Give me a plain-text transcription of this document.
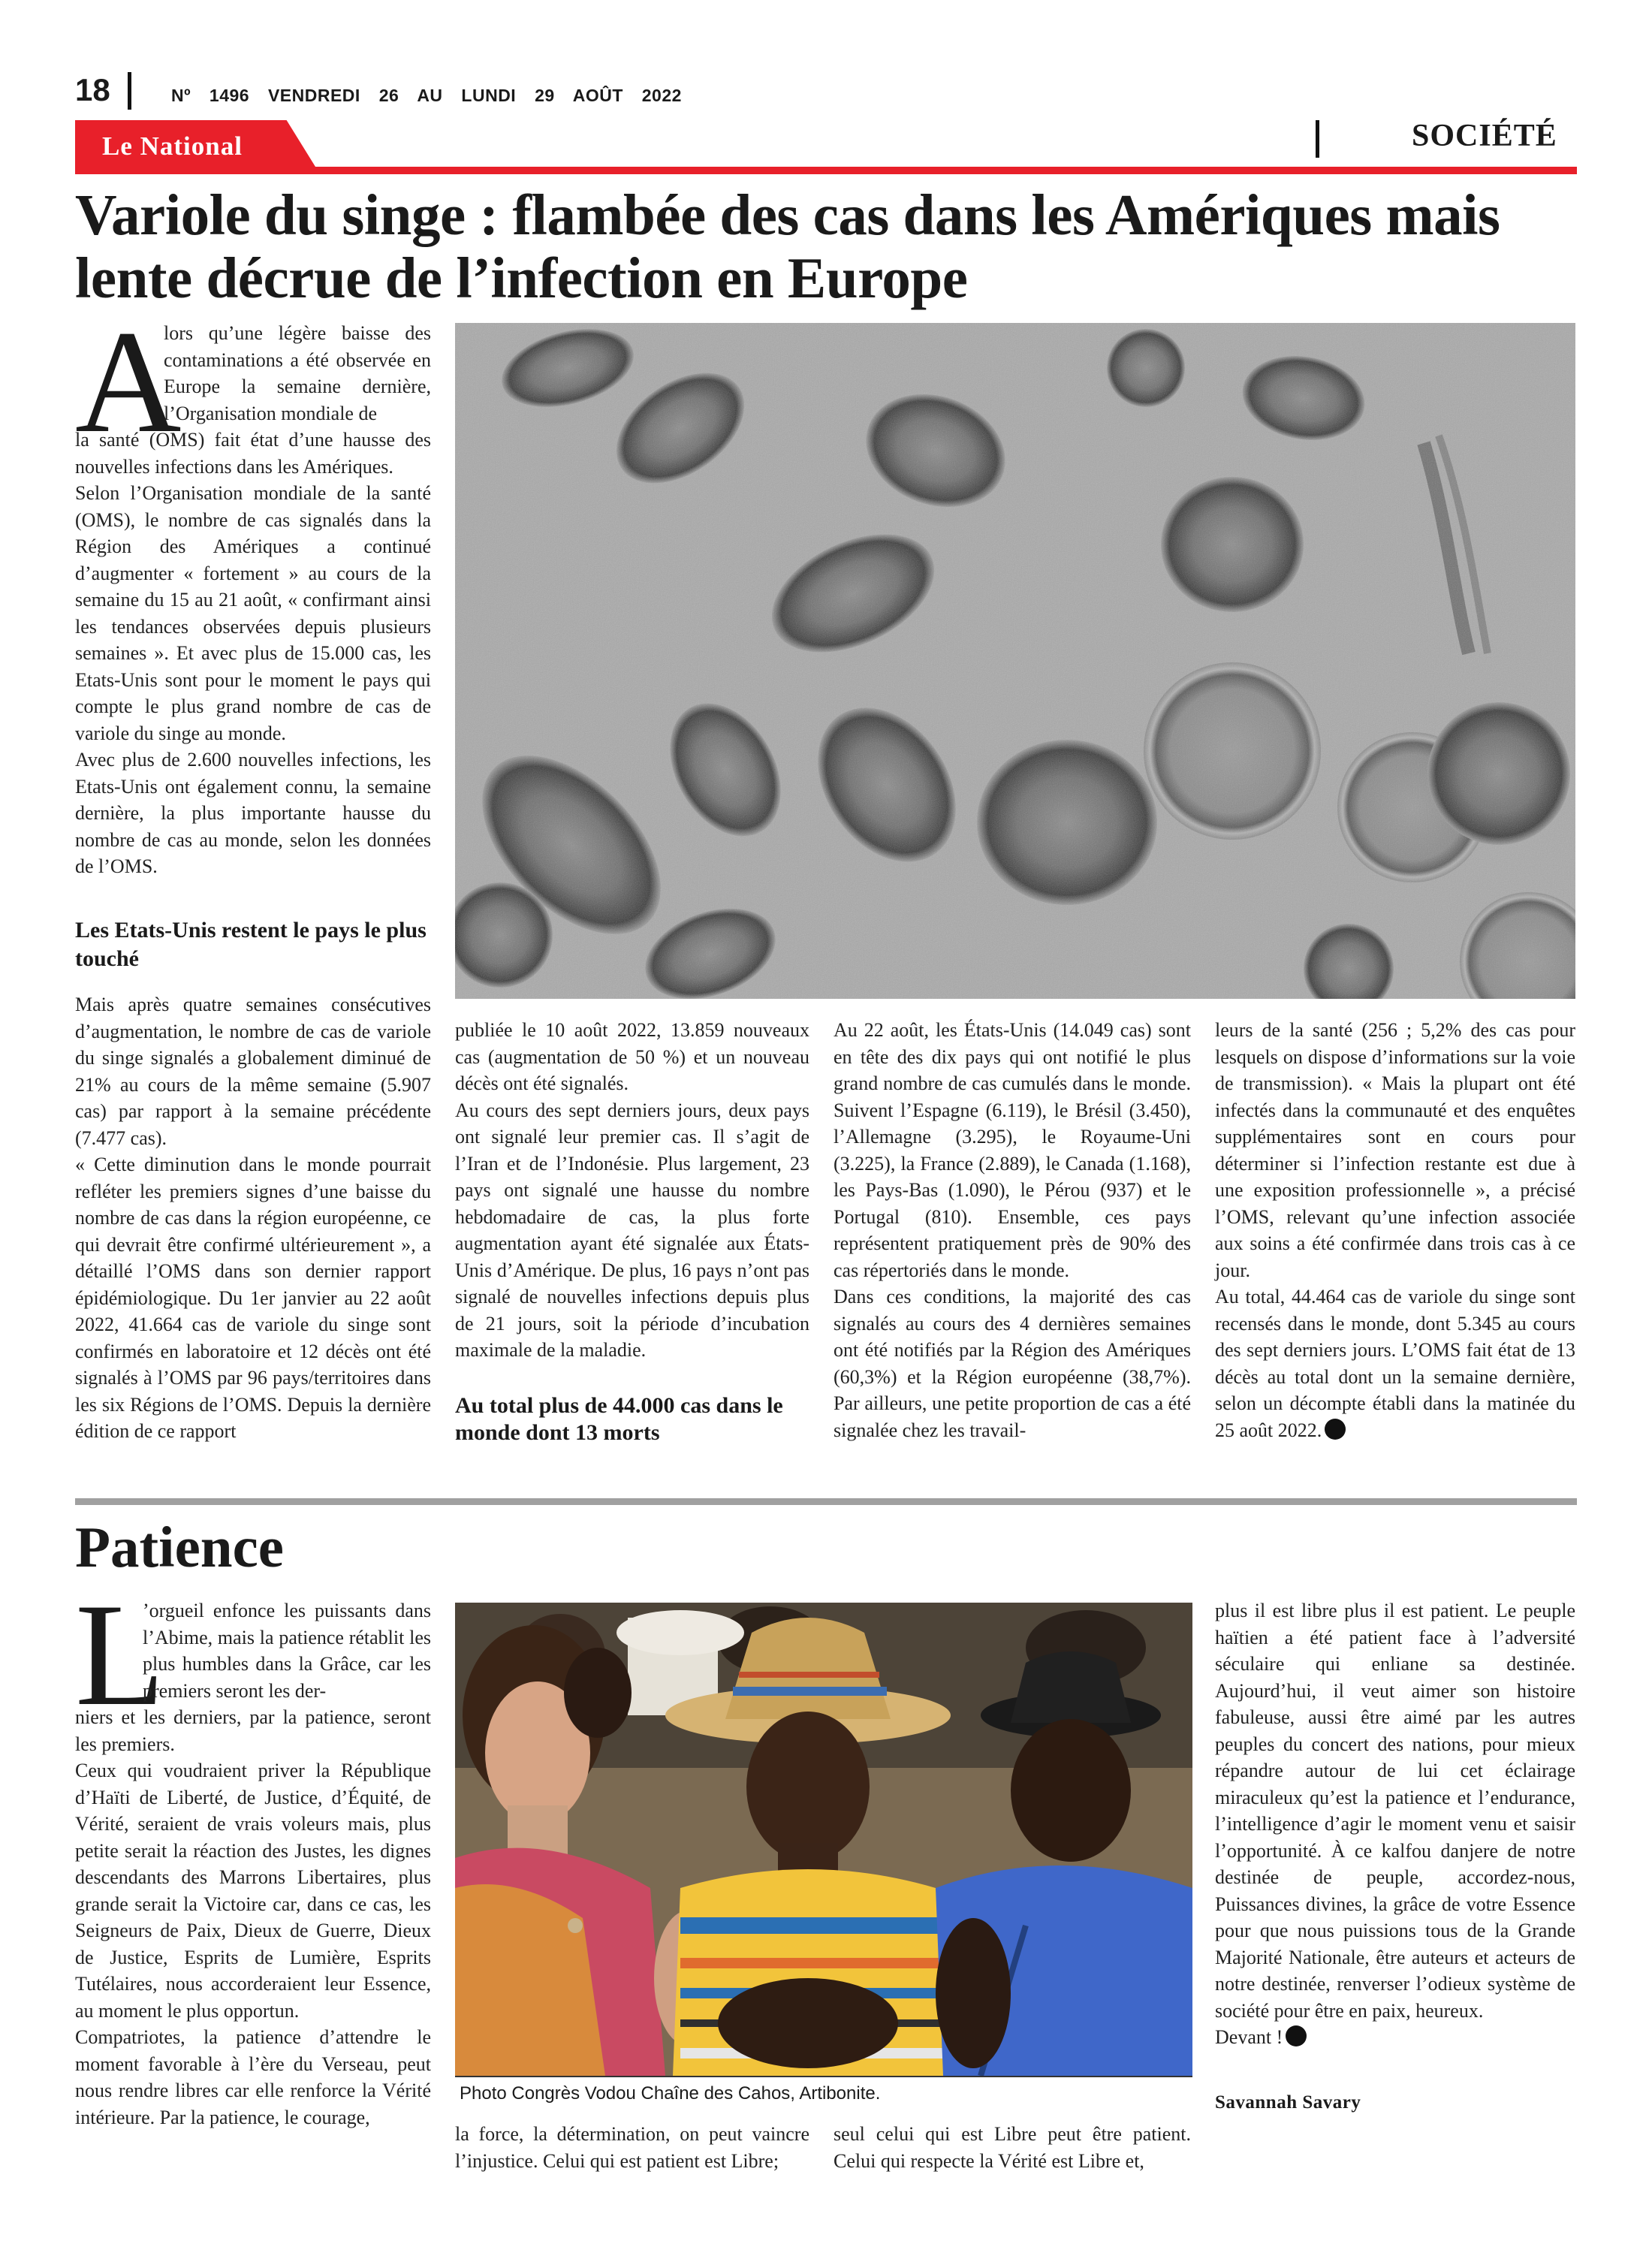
18	Nº 1496 VENDREDI 26 AU LUNDI 29 AOÛT 2022
Le National	SOCIÉTÉ
Variole du singe : flambée des cas dans les Amériques mais lente décrue de l’infection en Europe
A
lors qu’une légère baisse des contaminations a été observée en Europe la semaine dernière, l’Organisation mondiale de

la santé (OMS) fait état d’une hausse des nouvelles infections dans les Amériques.

Selon l’Organisation mondiale de la santé (OMS), le nombre de cas signalés dans la Région des Amériques a continué d’augmenter « fortement » au cours de la semaine du 15 au 21 août, « confirmant ainsi les tendances observées depuis plusieurs semaines ». Et avec plus de 15.000 cas, les Etats-Unis sont pour le moment le pays qui compte le plus grand nombre de cas de variole du singe au monde.

Avec plus de 2.600 nouvelles infections, les Etats-Unis ont également connu, la semaine dernière, la plus importante hausse du nombre de cas au monde, selon les données de l’OMS.

Les Etats-Unis restent le pays le plus touché

Mais après quatre semaines consécutives d’augmentation, le nombre de cas de variole du singe signalés a globalement diminué de 21% au cours de la même semaine (5.907 cas) par rapport à la semaine précédente (7.477 cas).

« Cette diminution dans le monde pourrait refléter les premiers signes d’une baisse du nombre de cas dans la région européenne, ce qui devrait être confirmé ultérieurement », a détaillé l’OMS dans son dernier rapport épidémiologique. Du 1er janvier au 22 août 2022, 41.664 cas de variole du singe sont confirmés en laboratoire et 12 décès ont été signalés à l’OMS par 96 pays/territoires dans les six Régions de l’OMS. Depuis la dernière édition de ce rapport

publiée le 10 août 2022, 13.859 nouveaux cas (augmentation de 50 %) et un nouveau décès ont été signalés.

Au cours des sept derniers jours, deux pays ont signalé leur premier cas. Il s’agit de l’Iran et de l’Indonésie. Plus largement, 23 pays ont signalé une hausse du nombre hebdomadaire de cas, la plus forte augmentation ayant été signalée aux États-Unis d’Amérique. De plus, 16 pays n’ont pas signalé de nouvelles infections depuis plus de 21 jours, soit la période d’incubation maximale de la maladie.

Au total plus de 44.000 cas dans le monde dont 13 morts

Au 22 août, les États-Unis (14.049 cas) sont en tête des dix pays qui ont notifié le plus grand nombre de cas cumulés dans le monde. Suivent l’Espagne (6.119), le Brésil (3.450), l’Allemagne (3.295), le Royaume-Uni (3.225), la France (2.889), le Canada (1.168), les Pays-Bas (1.090), le Pérou (937) et le Portugal (810). Ensemble, ces pays représentent pratiquement près de 90% des cas répertoriés dans le monde.

Dans ces conditions, la majorité des cas signalés au cours des 4 dernières semaines ont été notifiés par la Région des Amériques (60,3%) et la Région européenne (38,7%). Par ailleurs, une petite proportion de cas a été signalée chez les travail-

leurs de la santé (256 ; 5,2% des cas pour lesquels on dispose d’informations sur la voie de transmission). « Mais la plupart ont été infectés dans la communauté et des enquêtes supplémentaires sont en cours pour déterminer si l’infection restante est due à une exposition professionnelle », a précisé l’OMS, relevant qu’une infection associée aux soins a été confirmée dans trois cas à ce jour.

Au total, 44.464 cas de variole du singe sont recensés dans le monde, dont 5.345 au cours des sept derniers jours. L’OMS fait état de 13 décès au total dont un la semaine dernière, selon un décompte établi dans la matinée du 25 août 2022.

Patience
L
’orgueil enfonce les puissants dans l’Abime, mais la patience rétablit les plus humbles dans la Grâce, car les premiers seront les der-

niers et les derniers, par la patience, seront les premiers.

Ceux qui voudraient priver la République d’Haïti de Liberté, de Justice, d’Équité, de Vérité, seraient de vrais voleurs mais, plus petite serait la réaction des Justes, les dignes descendants des Marrons Libertaires, plus grande serait la Victoire car, dans ce cas, les Seigneurs de Paix, Dieux de Guerre, Dieux de Justice, Esprits de Lumière, Esprits Tutélaires, nous accorderaient leur Essence, au moment le plus opportun.

Compatriotes, la patience d’attendre le moment favorable à l’ère du Verseau, peut nous rendre libres car elle renforce la Vérité intérieure. Par la patience, le courage,

Photo Congrès Vodou Chaîne des Cahos, Artibonite.
la force, la détermination, on peut vaincre l’injustice. Celui qui est patient est Libre;
seul celui qui est Libre peut être patient. Celui qui respecte la Vérité est Libre et,

plus il est libre plus il est patient. Le peuple haïtien a été patient face à l’adversité séculaire qui enliane sa destinée. Aujourd’hui, il veut aimer son histoire fabuleuse, aussi être aimé par les autres peuples du concert des nations, pour mieux répandre autour de lui cet éclairage miraculeux qu’est la patience et l’endurance, l’intelligence d’agir le moment venu et saisir l’opportunité. À ce kalfou danjere de notre destinée de peuple, accordez-nous, Puissances divines, la grâce de votre Essence pour que nous puissions tous de la Grande Majorité Nationale, être auteurs et acteurs de notre destinée, renverser l’odieux système de société pour être en paix, heureux.

Devant !

Savannah Savary
